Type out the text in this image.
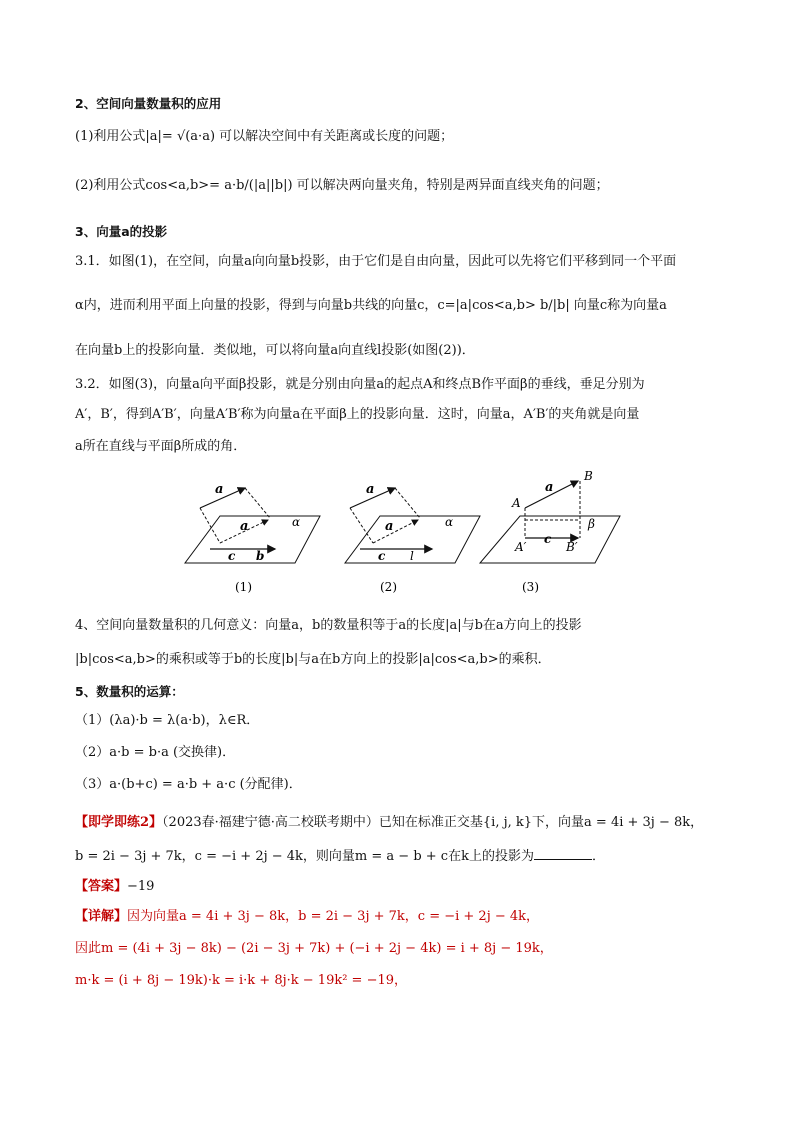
2、空间向量数量积的应用
(1)利用公式|a|= √(a·a) 可以解决空间中有关距离或长度的问题；
(2)利用公式cos<a,b>= a·b/(|a||b|) 可以解决两向量夹角，特别是两异面直线夹角的问题；
3、向量a的投影
3.1．如图(1)，在空间，向量a向向量b投影，由于它们是自由向量，因此可以先将它们平移到同一个平面
α内，进而利用平面上向量的投影，得到与向量b共线的向量c，c=|a|cos<a,b> b/|b| 向量c称为向量a
在向量b上的投影向量．类似地，可以将向量a向直线l投影(如图(2))．
3.2．如图(3)，向量a向平面β投影，就是分别由向量a的起点A和终点B作平面β的垂线，垂足分别为
A′，B′，得到A′B′，向量A′B′称为向量a在平面β上的投影向量．这时，向量a，A′B′的夹角就是向量
a所在直线与平面β所成的角．
a
a
c b
α
a
a
c l
α
A
B
a
A′
c
B′
β
(1)	(2)	(3)
4、空间向量数量积的几何意义：向量a，b的数量积等于a的长度|a|与b在a方向上的投影
|b|cos<a,b>的乘积或等于b的长度|b|与a在b方向上的投影|a|cos<a,b>的乘积．
5、数量积的运算：
（1）(λa)·b = λ(a·b)，λ∈R．
（2）a·b = b·a (交换律)．
（3）a·(b+c) = a·b + a·c (分配律)．
【即学即练2】（2023春·福建宁德·高二校联考期中）已知在标准正交基{i, j, k}下，向量a = 4i + 3j − 8k，
b = 2i − 3j + 7k，c = −i + 2j − 4k，则向量m = a − b + c在k上的投影为	．
【答案】−19
【详解】因为向量a = 4i + 3j − 8k，b = 2i − 3j + 7k，c = −i + 2j − 4k，
因此m = (4i + 3j − 8k) − (2i − 3j + 7k) + (−i + 2j − 4k) = i + 8j − 19k，
m·k = (i + 8j − 19k)·k = i·k + 8j·k − 19k² = −19，
